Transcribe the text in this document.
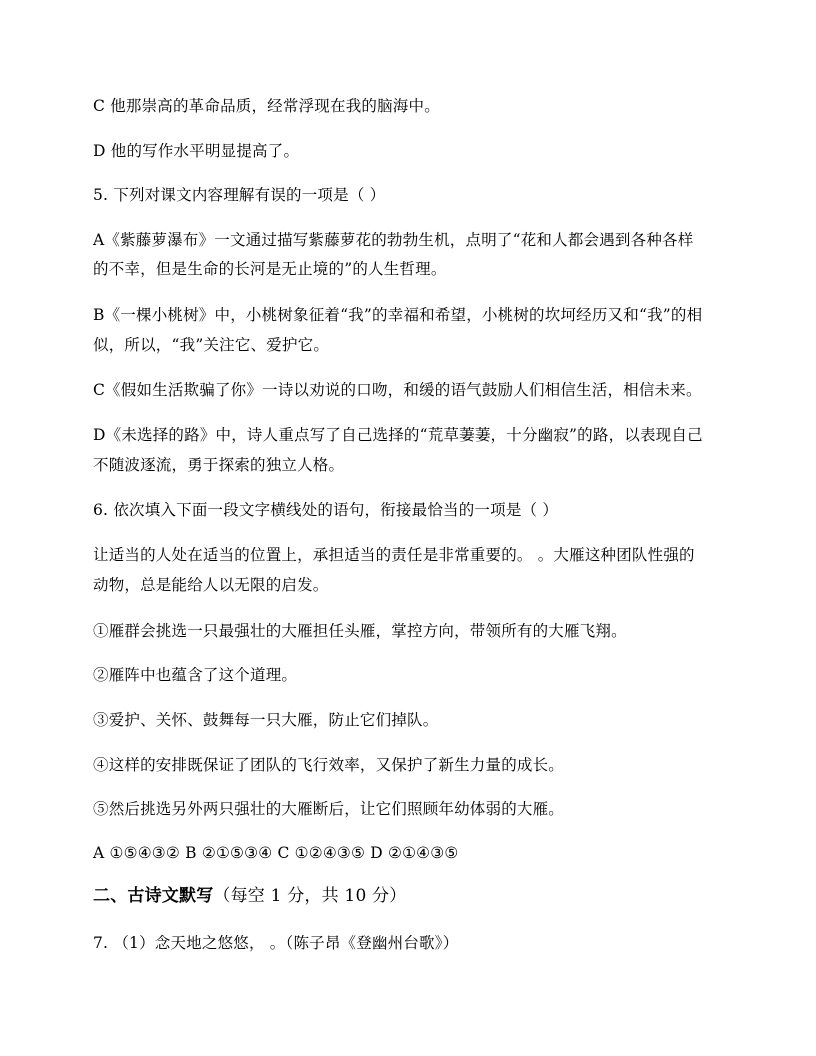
C 他那崇高的革命品质，经常浮现在我的脑海中。
D 他的写作水平明显提高了。
5. 下列对课文内容理解有误的一项是（ ）
A《紫藤萝瀑布》一文通过描写紫藤萝花的勃勃生机，点明了“花和人都会遇到各种各样
的不幸，但是生命的长河是无止境的”的人生哲理。
B《一棵小桃树》中，小桃树象征着“我”的幸福和希望，小桃树的坎坷经历又和“我”的相
似，所以，“我”关注它、爱护它。
C《假如生活欺骗了你》一诗以劝说的口吻，和缓的语气鼓励人们相信生活，相信未来。
D《未选择的路》中，诗人重点写了自己选择的“荒草萋萋，十分幽寂”的路，以表现自己
不随波逐流，勇于探索的独立人格。
6. 依次填入下面一段文字横线处的语句，衔接最恰当的一项是（ ）
让适当的人处在适当的位置上，承担适当的责任是非常重要的。 。大雁这种团队性强的
动物，总是能给人以无限的启发。
①雁群会挑选一只最强壮的大雁担任头雁，掌控方向，带领所有的大雁飞翔。
②雁阵中也蕴含了这个道理。
③爱护、关怀、鼓舞每一只大雁，防止它们掉队。
④这样的安排既保证了团队的飞行效率，又保护了新生力量的成长。
⑤然后挑选另外两只强壮的大雁断后，让它们照顾年幼体弱的大雁。
A ①⑤④③② B ②①⑤③④ C ①②④③⑤ D ②①④③⑤
二、古诗文默写（每空 1 分，共 10 分）
7. （1）念天地之悠悠， 。（陈子昂《登幽州台歌》）
